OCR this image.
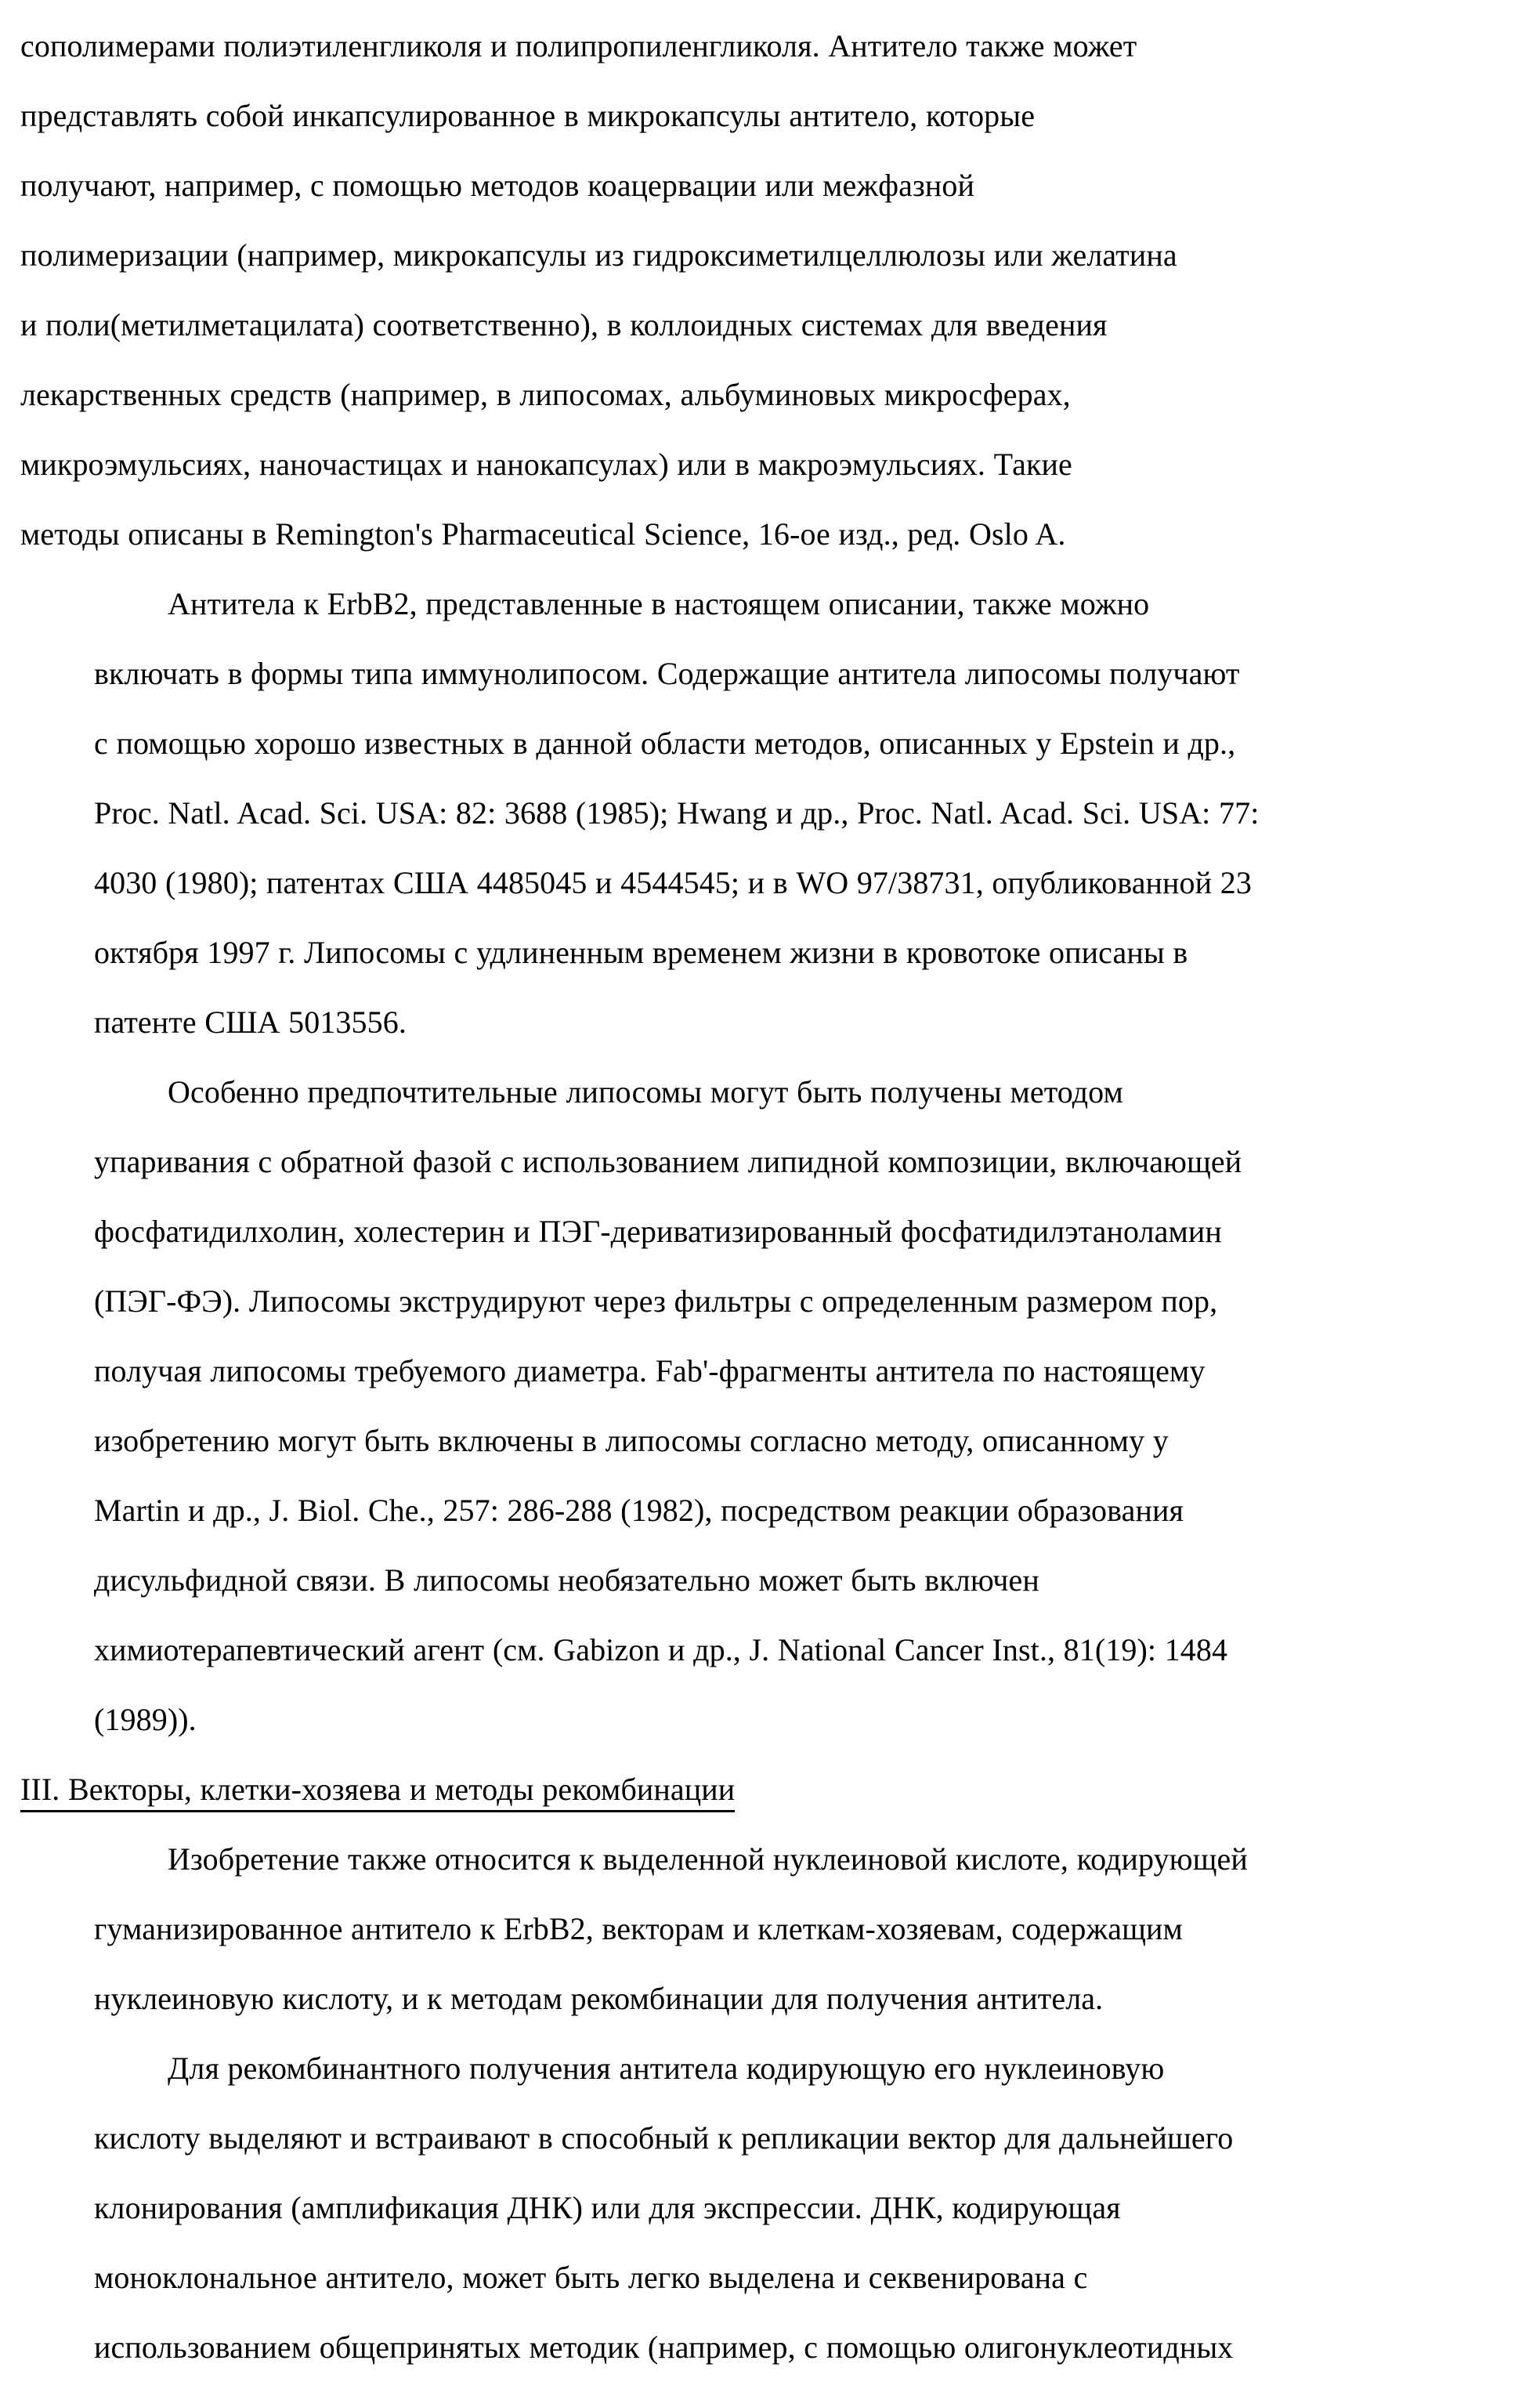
сополимерами полиэтиленгликоля и полипропиленгликоля. Антитело также может
представлять собой инкапсулированное в микрокапсулы антитело, которые
получают, например, с помощью методов коацервации или межфазной
полимеризации (например, микрокапсулы из гидроксиметилцеллюлозы или желатина
и поли(метилметацилата) соответственно), в коллоидных системах для введения
лекарственных средств (например, в липосомах, альбуминовых микросферах,
микроэмульсиях, наночастицах и нанокапсулах) или в макроэмульсиях. Такие
методы описаны в Remington's Pharmaceutical Science, 16-ое изд., ред. Oslo A.

Антитела к ErbB2, представленные в настоящем описании, также можно
включать в формы типа иммунолипосом. Содержащие антитела липосомы получают
с помощью хорошо известных в данной области методов, описанных у Epstein и др.,
Proc. Natl. Acad. Sci. USA: 82: 3688 (1985); Hwang и др., Proc. Natl. Acad. Sci. USA: 77:
4030 (1980); патентах США 4485045 и 4544545; и в WO 97/38731, опубликованной 23
октября 1997 г. Липосомы с удлиненным временем жизни в кровотоке описаны в
патенте США 5013556.

Особенно предпочтительные липосомы могут быть получены методом
упаривания с обратной фазой с использованием липидной композиции, включающей
фосфатидилхолин, холестерин и ПЭГ-дериватизированный фосфатидилэтаноламин
(ПЭГ-ФЭ). Липосомы экструдируют через фильтры с определенным размером пор,
получая липосомы требуемого диаметра. Fab'-фрагменты антитела по настоящему
изобретению могут быть включены в липосомы согласно методу, описанному у
Martin и др., J. Biol. Che., 257: 286-288 (1982), посредством реакции образования
дисульфидной связи. В липосомы необязательно может быть включен
химиотерапевтический агент (см. Gabizon и др., J. National Cancer Inst., 81(19): 1484
(1989)).

III. Векторы, клетки-хозяева и методы рекомбинации

Изобретение также относится к выделенной нуклеиновой кислоте, кодирующей
гуманизированное антитело к ErbB2, векторам и клеткам-хозяевам, содержащим
нуклеиновую кислоту, и к методам рекомбинации для получения антитела.

Для рекомбинантного получения антитела кодирующую его нуклеиновую
кислоту выделяют и встраивают в способный к репликации вектор для дальнейшего
клонирования (амплификация ДНК) или для экспрессии. ДНК, кодирующая
моноклональное антитело, может быть легко выделена и секвенирована с
использованием общепринятых методик (например, с помощью олигонуклеотидных
